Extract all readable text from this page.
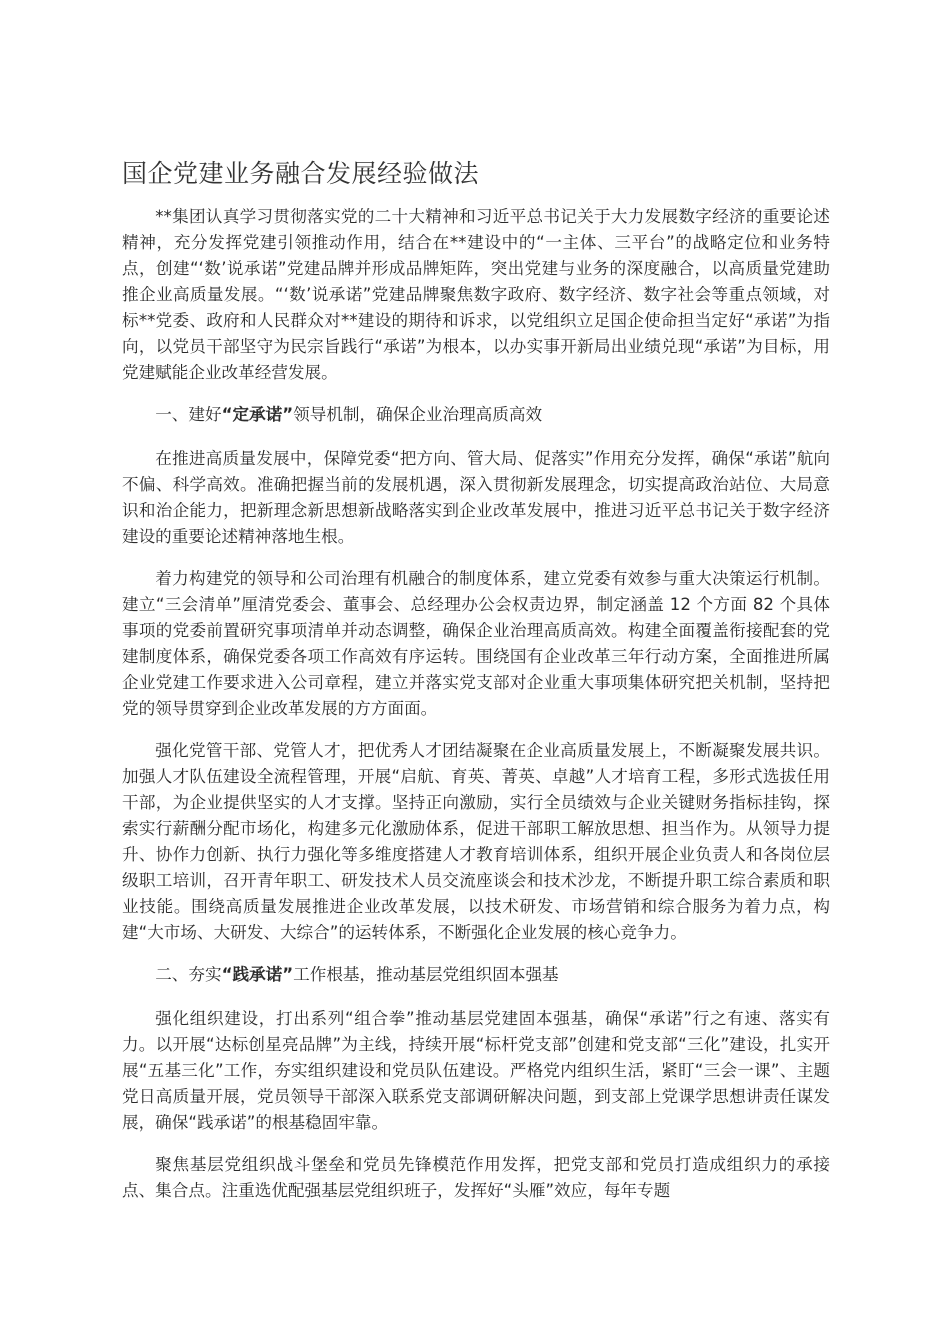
国企党建业务融合发展经验做法

**集团认真学习贯彻落实党的二十大精神和习近平总书记关于大力发展数字经济的重要论述精神，充分发挥党建引领推动作用，结合在**建设中的“一主体、三平台”的战略定位和业务特点，创建“‘数’说承诺”党建品牌并形成品牌矩阵，突出党建与业务的深度融合，以高质量党建助推企业高质量发展。“‘数’说承诺”党建品牌聚焦数字政府、数字经济、数字社会等重点领域，对标**党委、政府和人民群众对**建设的期待和诉求，以党组织立足国企使命担当定好“承诺”为指向，以党员干部坚守为民宗旨践行“承诺”为根本，以办实事开新局出业绩兑现“承诺”为目标，用党建赋能企业改革经营发展。

一、建好“定承诺”领导机制，确保企业治理高质高效

在推进高质量发展中，保障党委“把方向、管大局、促落实”作用充分发挥，确保“承诺”航向不偏、科学高效。准确把握当前的发展机遇，深入贯彻新发展理念，切实提高政治站位、大局意识和治企能力，把新理念新思想新战略落实到企业改革发展中，推进习近平总书记关于数字经济建设的重要论述精神落地生根。

着力构建党的领导和公司治理有机融合的制度体系，建立党委有效参与重大决策运行机制。建立“三会清单”厘清党委会、董事会、总经理办公会权责边界，制定涵盖 12 个方面 82 个具体事项的党委前置研究事项清单并动态调整，确保企业治理高质高效。构建全面覆盖衔接配套的党建制度体系，确保党委各项工作高效有序运转。围绕国有企业改革三年行动方案，全面推进所属企业党建工作要求进入公司章程，建立并落实党支部对企业重大事项集体研究把关机制，坚持把党的领导贯穿到企业改革发展的方方面面。

强化党管干部、党管人才，把优秀人才团结凝聚在企业高质量发展上，不断凝聚发展共识。加强人才队伍建设全流程管理，开展“启航、育英、菁英、卓越”人才培育工程，多形式选拔任用干部，为企业提供坚实的人才支撑。坚持正向激励，实行全员绩效与企业关键财务指标挂钩，探索实行薪酬分配市场化，构建多元化激励体系，促进干部职工解放思想、担当作为。从领导力提升、协作力创新、执行力强化等多维度搭建人才教育培训体系，组织开展企业负责人和各岗位层级职工培训，召开青年职工、研发技术人员交流座谈会和技术沙龙，不断提升职工综合素质和职业技能。围绕高质量发展推进企业改革发展，以技术研发、市场营销和综合服务为着力点，构建“大市场、大研发、大综合”的运转体系，不断强化企业发展的核心竞争力。

二、夯实“践承诺”工作根基，推动基层党组织固本强基

强化组织建设，打出系列“组合拳”推动基层党建固本强基，确保“承诺”行之有速、落实有力。以开展“达标创星亮品牌”为主线，持续开展“标杆党支部”创建和党支部“三化”建设，扎实开展“五基三化”工作，夯实组织建设和党员队伍建设。严格党内组织生活，紧盯“三会一课”、主题党日高质量开展，党员领导干部深入联系党支部调研解决问题，到支部上党课学思想讲责任谋发展，确保“践承诺”的根基稳固牢靠。

聚焦基层党组织战斗堡垒和党员先锋模范作用发挥，把党支部和党员打造成组织力的承接点、集合点。注重选优配强基层党组织班子，发挥好“头雁”效应，每年专题
